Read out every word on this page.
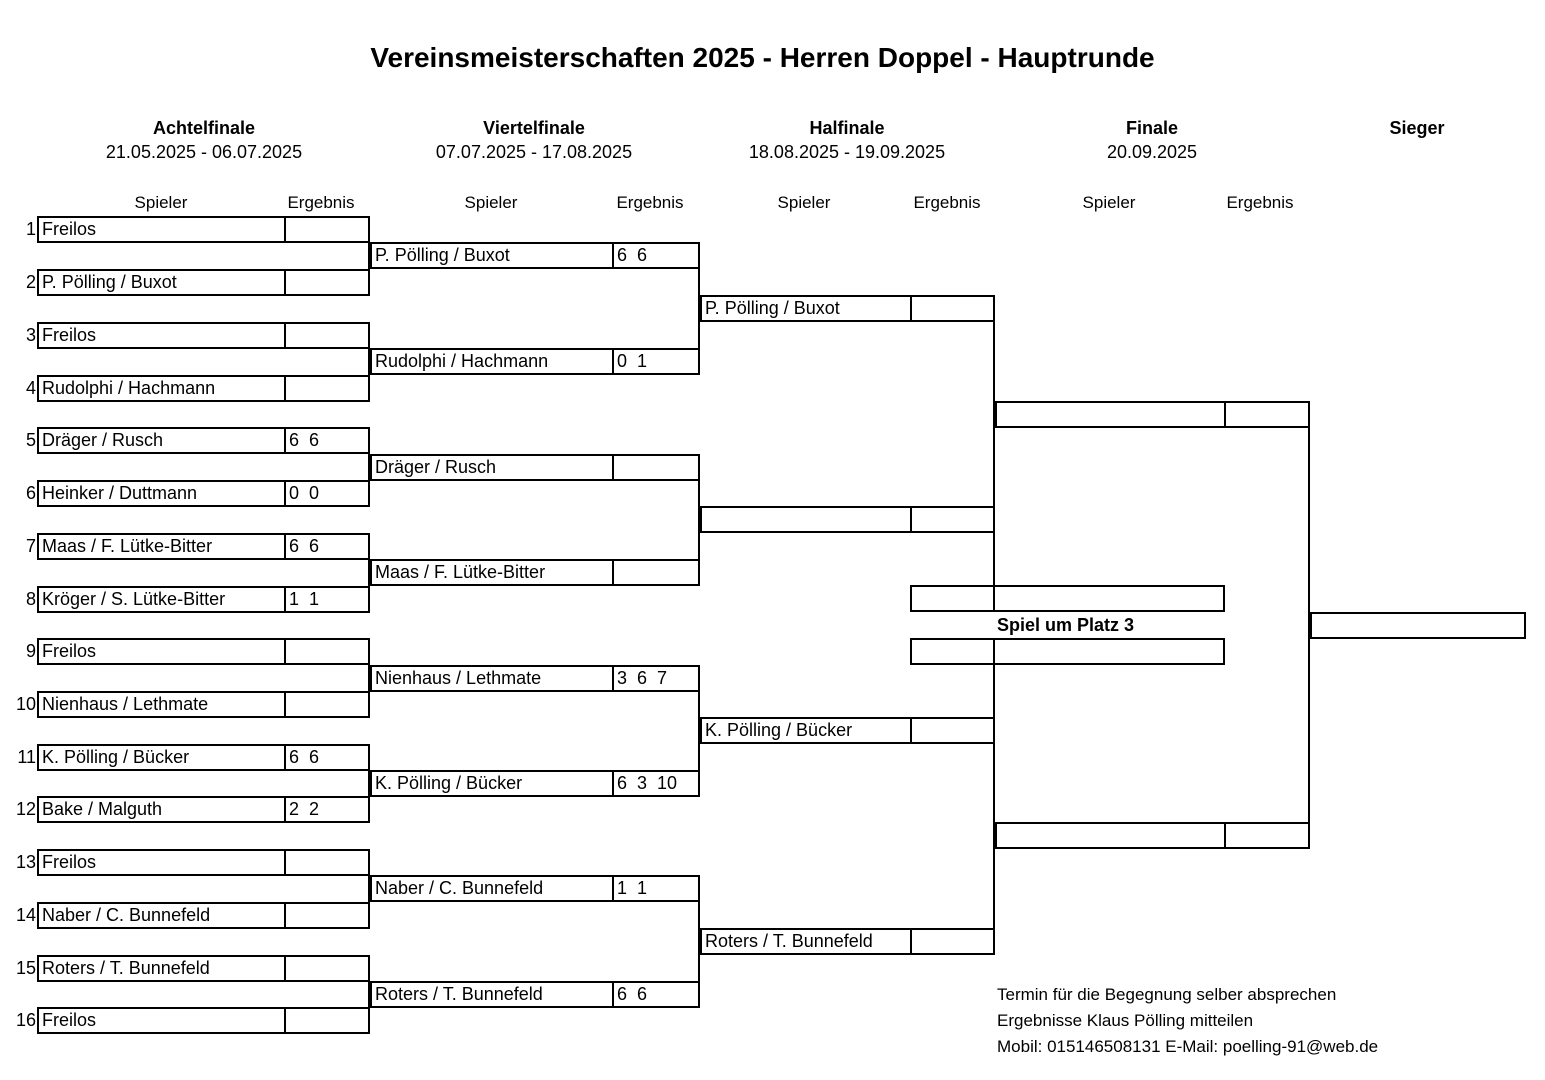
Vereinsmeisterschaften 2025 - Herren Doppel - Hauptrunde
Achtelfinale
21.05.2025 - 06.07.2025
Viertelfinale
07.07.2025 - 17.08.2025
Halfinale
18.08.2025 - 19.09.2025
Finale
20.09.2025
Sieger
Spieler	Ergebnis	Spieler	Ergebnis	Spieler	Ergebnis	Spieler	Ergebnis
1 Freilos
2 P. Pölling / Buxot
3 Freilos
4 Rudolphi / Hachmann
5 Dräger / Rusch	6  6
6 Heinker / Duttmann	0  0
7 Maas / F. Lütke-Bitter	6  6
8 Kröger / S. Lütke-Bitter	1  1
9 Freilos
10 Nienhaus / Lethmate
11 K. Pölling / Bücker	6  6
12 Bake / Malguth	2  2
13 Freilos
14 Naber / C. Bunnefeld
15 Roters / T. Bunnefeld
16 Freilos
P. Pölling / Buxot	6  6
Rudolphi / Hachmann	0  1
Dräger / Rusch
Maas / F. Lütke-Bitter
Nienhaus / Lethmate	3  6  7
K. Pölling / Bücker	6  3  10
Naber / C. Bunnefeld	1  1
Roters / T. Bunnefeld	6  6
P. Pölling / Buxot
K. Pölling / Bücker
Roters / T. Bunnefeld
Spiel um Platz 3
Termin für die Begegnung selber absprechen
Ergebnisse Klaus Pölling mitteilen
Mobil: 015146508131 E-Mail: poelling-91@web.de
